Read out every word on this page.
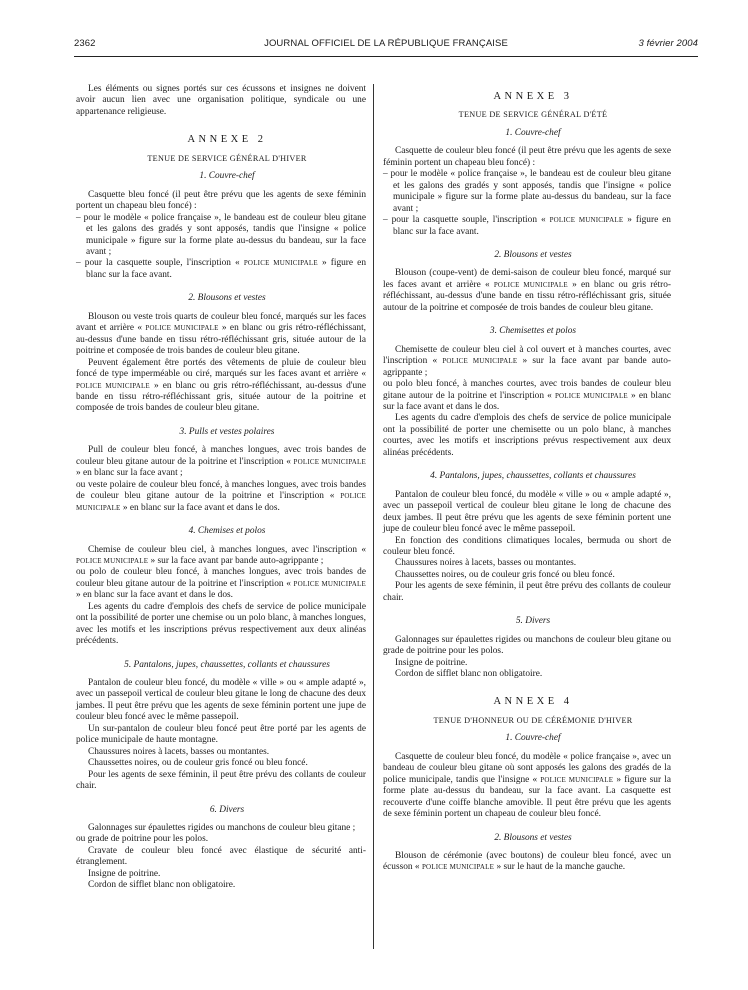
2362	JOURNAL OFFICIEL DE LA RÉPUBLIQUE FRANÇAISE	3 février 2004

Les éléments ou signes portés sur ces écussons et insignes ne doivent avoir aucun lien avec une organisation politique, syndicale ou une appartenance religieuse.

ANNEXE 2

TENUE DE SERVICE GÉNÉRAL D'HIVER

1. Couvre-chef

Casquette bleu foncé (il peut être prévu que les agents de sexe féminin portent un chapeau bleu foncé) :

– pour le modèle « police française », le bandeau est de couleur bleu gitane et les galons des gradés y sont apposés, tandis que l'insigne « police municipale » figure sur la forme plate au-dessus du bandeau, sur la face avant ;

– pour la casquette souple, l'inscription « POLICE MUNICIPALE » figure en blanc sur la face avant.

2. Blousons et vestes

Blouson ou veste trois quarts de couleur bleu foncé, marqués sur les faces avant et arrière « POLICE MUNICIPALE » en blanc ou gris rétro-réfléchissant, au-dessus d'une bande en tissu rétro-réfléchissant gris, située autour de la poitrine et composée de trois bandes de couleur bleu gitane.

Peuvent également être portés des vêtements de pluie de couleur bleu foncé de type imperméable ou ciré, marqués sur les faces avant et arrière « POLICE MUNICIPALE » en blanc ou gris rétro-réfléchissant, au-dessus d'une bande en tissu rétro-réfléchissant gris, située autour de la poitrine et composée de trois bandes de couleur bleu gitane.

3. Pulls et vestes polaires

Pull de couleur bleu foncé, à manches longues, avec trois bandes de couleur bleu gitane autour de la poitrine et l'inscription « POLICE MUNICIPALE » en blanc sur la face avant ;

ou veste polaire de couleur bleu foncé, à manches longues, avec trois bandes de couleur bleu gitane autour de la poitrine et l'inscription « POLICE MUNICIPALE » en blanc sur la face avant et dans le dos.

4. Chemises et polos

Chemise de couleur bleu ciel, à manches longues, avec l'inscription « POLICE MUNICIPALE » sur la face avant par bande auto-agrippante ;

ou polo de couleur bleu foncé, à manches longues, avec trois bandes de couleur bleu gitane autour de la poitrine et l'inscription « POLICE MUNICIPALE » en blanc sur la face avant et dans le dos.

Les agents du cadre d'emplois des chefs de service de police municipale ont la possibilité de porter une chemise ou un polo blanc, à manches longues, avec les motifs et les inscriptions prévus respectivement aux deux alinéas précédents.

5. Pantalons, jupes, chaussettes, collants et chaussures

Pantalon de couleur bleu foncé, du modèle « ville » ou « ample adapté », avec un passepoil vertical de couleur bleu gitane le long de chacune des deux jambes. Il peut être prévu que les agents de sexe féminin portent une jupe de couleur bleu foncé avec le même passepoil.

Un sur-pantalon de couleur bleu foncé peut être porté par les agents de police municipale de haute montagne.

Chaussures noires à lacets, basses ou montantes.

Chaussettes noires, ou de couleur gris foncé ou bleu foncé.

Pour les agents de sexe féminin, il peut être prévu des collants de couleur chair.

6. Divers

Galonnages sur épaulettes rigides ou manchons de couleur bleu gitane ;

ou grade de poitrine pour les polos.

Cravate de couleur bleu foncé avec élastique de sécurité anti-étranglement.

Insigne de poitrine.

Cordon de sifflet blanc non obligatoire.

ANNEXE 3

TENUE DE SERVICE GÉNÉRAL D'ÉTÉ

1. Couvre-chef

Casquette de couleur bleu foncé (il peut être prévu que les agents de sexe féminin portent un chapeau bleu foncé) :

– pour le modèle « police française », le bandeau est de couleur bleu gitane et les galons des gradés y sont apposés, tandis que l'insigne « police municipale » figure sur la forme plate au-dessus du bandeau, sur la face avant ;

– pour la casquette souple, l'inscription « POLICE MUNICIPALE » figure en blanc sur la face avant.

2. Blousons et vestes

Blouson (coupe-vent) de demi-saison de couleur bleu foncé, marqué sur les faces avant et arrière « POLICE MUNICIPALE » en blanc ou gris rétro-réfléchissant, au-dessus d'une bande en tissu rétro-réfléchissant gris, située autour de la poitrine et composée de trois bandes de couleur bleu gitane.

3. Chemisettes et polos

Chemisette de couleur bleu ciel à col ouvert et à manches courtes, avec l'inscription « POLICE MUNICIPALE » sur la face avant par bande auto-agrippante ;

ou polo bleu foncé, à manches courtes, avec trois bandes de couleur bleu gitane autour de la poitrine et l'inscription « POLICE MUNICIPALE » en blanc sur la face avant et dans le dos.

Les agents du cadre d'emplois des chefs de service de police municipale ont la possibilité de porter une chemisette ou un polo blanc, à manches courtes, avec les motifs et inscriptions prévus respectivement aux deux alinéas précédents.

4. Pantalons, jupes, chaussettes, collants et chaussures

Pantalon de couleur bleu foncé, du modèle « ville » ou « ample adapté », avec un passepoil vertical de couleur bleu gitane le long de chacune des deux jambes. Il peut être prévu que les agents de sexe féminin portent une jupe de couleur bleu foncé avec le même passepoil.

En fonction des conditions climatiques locales, bermuda ou short de couleur bleu foncé.

Chaussures noires à lacets, basses ou montantes.

Chaussettes noires, ou de couleur gris foncé ou bleu foncé.

Pour les agents de sexe féminin, il peut être prévu des collants de couleur chair.

5. Divers

Galonnages sur épaulettes rigides ou manchons de couleur bleu gitane ou grade de poitrine pour les polos.

Insigne de poitrine.

Cordon de sifflet blanc non obligatoire.

ANNEXE 4

TENUE D'HONNEUR OU DE CÉRÉMONIE D'HIVER

1. Couvre-chef

Casquette de couleur bleu foncé, du modèle « police française », avec un bandeau de couleur bleu gitane où sont apposés les galons des gradés de la police municipale, tandis que l'insigne « POLICE MUNICIPALE » figure sur la forme plate au-dessus du bandeau, sur la face avant. La casquette est recouverte d'une coiffe blanche amovible. Il peut être prévu que les agents de sexe féminin portent un chapeau de couleur bleu foncé.

2. Blousons et vestes

Blouson de cérémonie (avec boutons) de couleur bleu foncé, avec un écusson « POLICE MUNICIPALE » sur le haut de la manche gauche.
